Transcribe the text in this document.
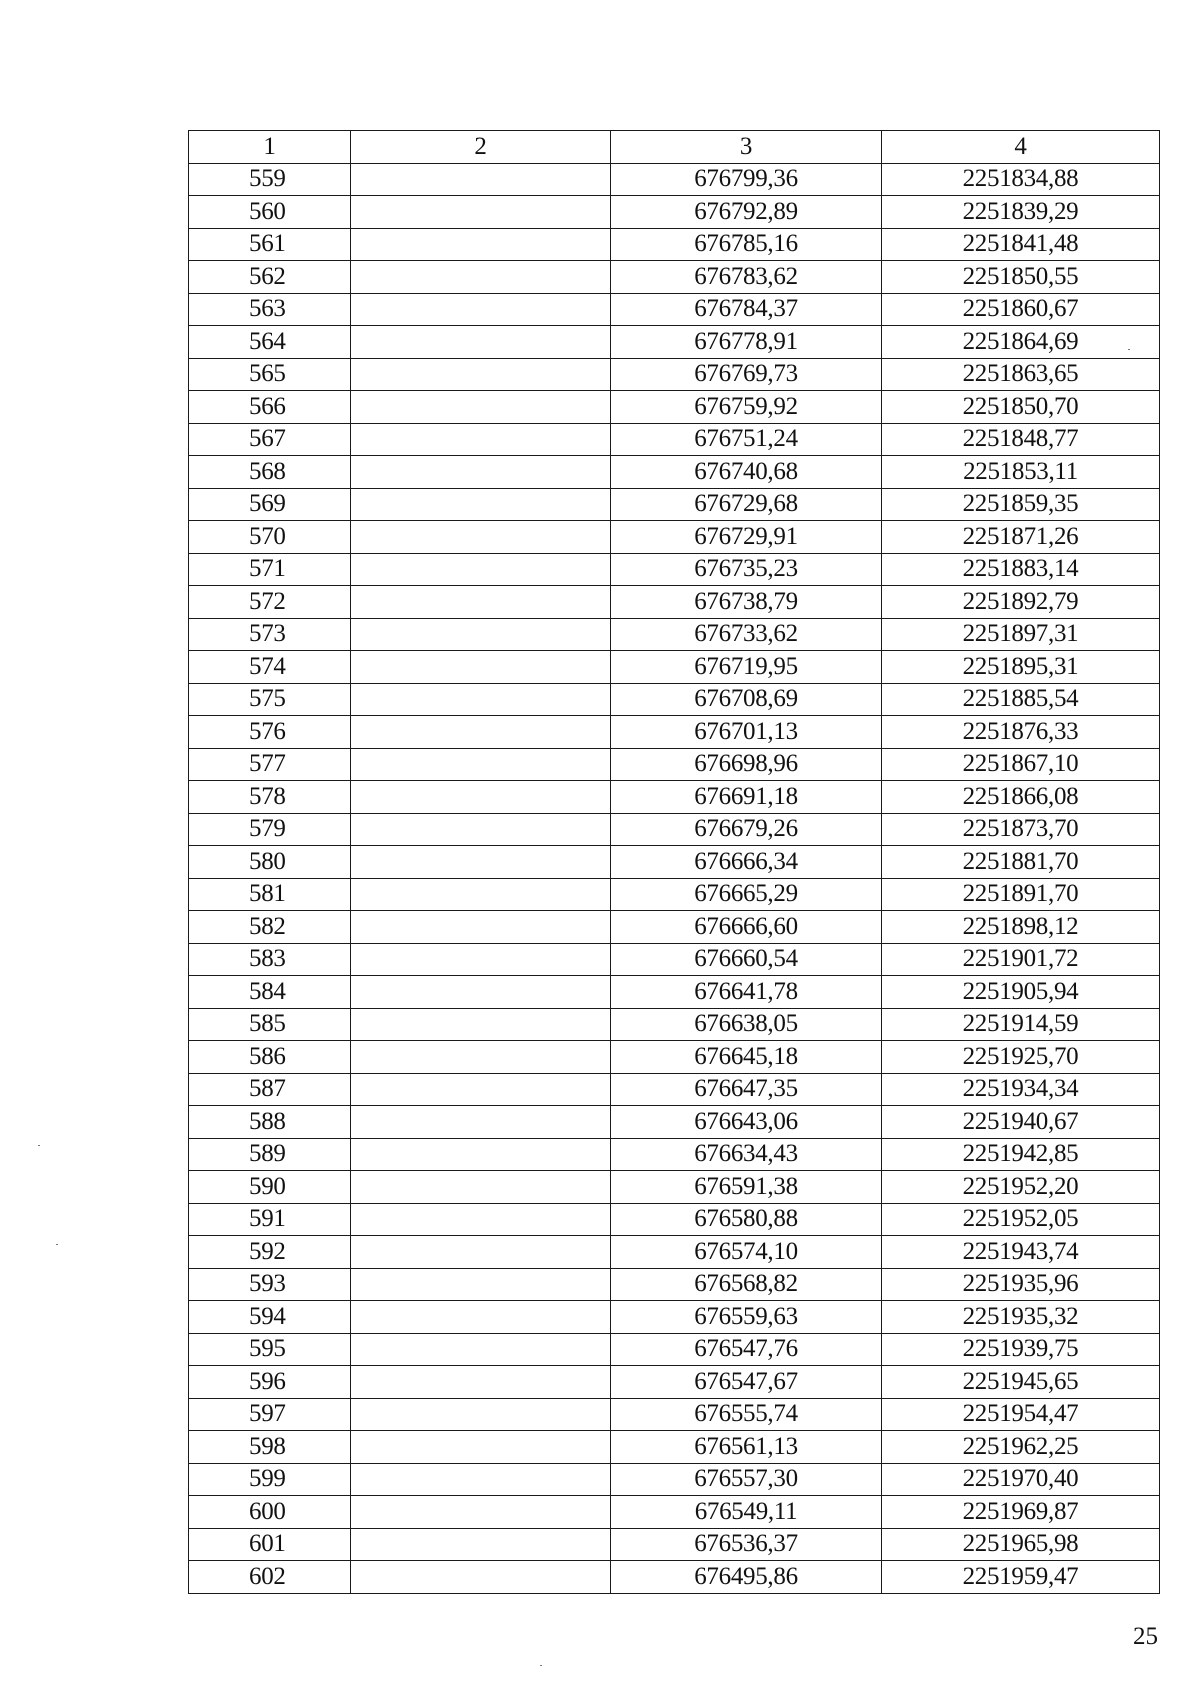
1	2	3	4
559		676799,36	2251834,88
560		676792,89	2251839,29
561		676785,16	2251841,48
562		676783,62	2251850,55
563		676784,37	2251860,67
564		676778,91	2251864,69
565		676769,73	2251863,65
566		676759,92	2251850,70
567		676751,24	2251848,77
568		676740,68	2251853,11
569		676729,68	2251859,35
570		676729,91	2251871,26
571		676735,23	2251883,14
572		676738,79	2251892,79
573		676733,62	2251897,31
574		676719,95	2251895,31
575		676708,69	2251885,54
576		676701,13	2251876,33
577		676698,96	2251867,10
578		676691,18	2251866,08
579		676679,26	2251873,70
580		676666,34	2251881,70
581		676665,29	2251891,70
582		676666,60	2251898,12
583		676660,54	2251901,72
584		676641,78	2251905,94
585		676638,05	2251914,59
586		676645,18	2251925,70
587		676647,35	2251934,34
588		676643,06	2251940,67
589		676634,43	2251942,85
590		676591,38	2251952,20
591		676580,88	2251952,05
592		676574,10	2251943,74
593		676568,82	2251935,96
594		676559,63	2251935,32
595		676547,76	2251939,75
596		676547,67	2251945,65
597		676555,74	2251954,47
598		676561,13	2251962,25
599		676557,30	2251970,40
600		676549,11	2251969,87
601		676536,37	2251965,98
602		676495,86	2251959,47
25
